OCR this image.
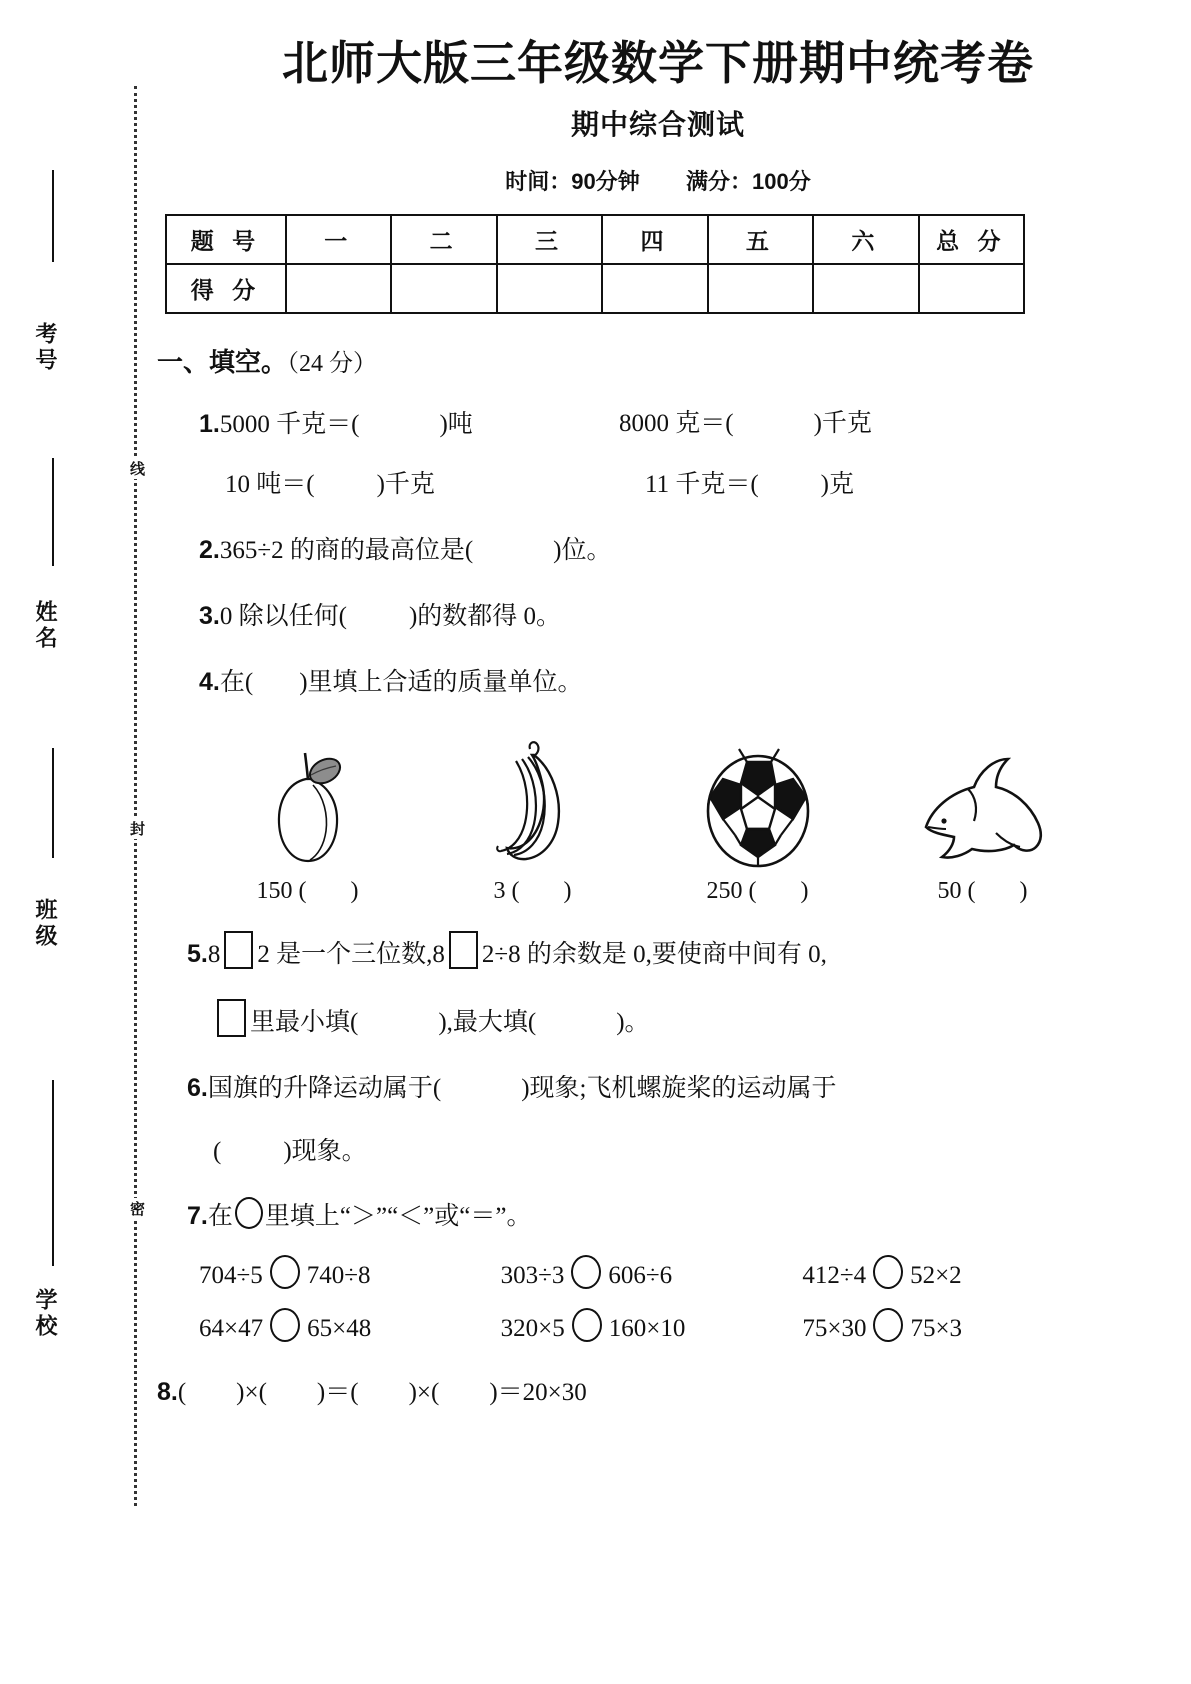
考号
姓名
班级
学校
线
封
密
北师大版三年级数学下册期中统考卷
期中综合测试
时间：90分钟 满分：100分
题 号	一	二	三	四	五	六	总 分
得 分							
一、填空。（24 分）
1.5000 千克＝(	)吨	8000 克＝(	)千克
10 吨＝( )千克	11 千克＝( )克
2.365÷2 的商的最高位是(	)位。
3.0 除以任何( )的数都得 0。
4.在( )里填上合适的质量单位。
150 ( )	3 ( )	250 ( )	50 ( )
5.8 2 是一个三位数,8 2÷8 的余数是 0,要使商中间有 0,
里最小填(	),最大填(	)。
6.国旗的升降运动属于(	)现象;飞机螺旋桨的运动属于
( )现象。
7.在 里填上“＞”“＜”或“＝”。
704÷5 740÷8	303÷3 606÷6	412÷4 52×2
64×47 65×48	320×5 160×10	75×30 75×3
8.(        )×(        )＝(        )×(        )＝20×30
